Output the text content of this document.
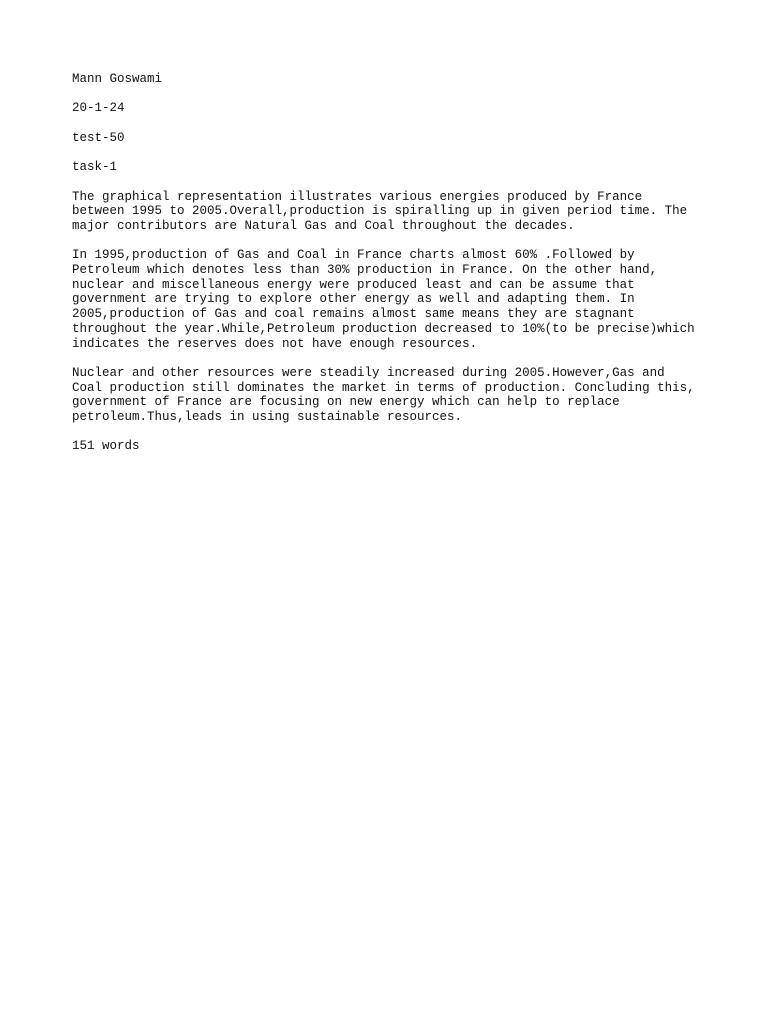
Mann Goswami
20-1-24
test-50
task-1
The graphical representation illustrates various energies produced by France
between 1995 to 2005.Overall,production is spiralling up in given period time. The
major contributors are Natural Gas and Coal throughout the decades.
In 1995,production of Gas and Coal in France charts almost 60% .Followed by
Petroleum which denotes less than 30% production in France. On the other hand,
nuclear and miscellaneous energy were produced least and can be assume that
government are trying to explore other energy as well and adapting them. In
2005,production of Gas and coal remains almost same means they are stagnant
throughout the year.While,Petroleum production decreased to 10%(to be precise)which
indicates the reserves does not have enough resources.
Nuclear and other resources were steadily increased during 2005.However,Gas and
Coal production still dominates the market in terms of production. Concluding this,
government of France are focusing on new energy which can help to replace
petroleum.Thus,leads in using sustainable resources.
151 words
